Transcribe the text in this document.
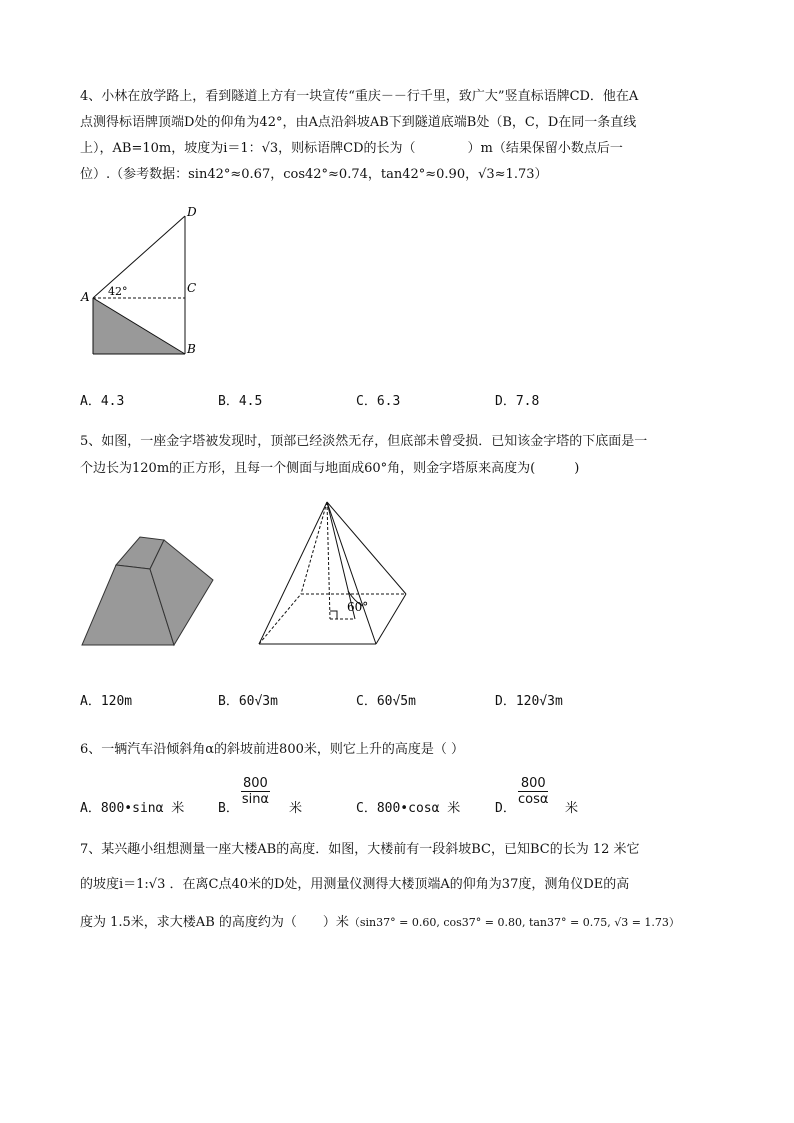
4、小林在放学路上，看到隧道上方有一块宣传“重庆－－行千里，致广大”竖直标语牌CD．他在A
点测得标语牌顶端D处的仰角为42°，由A点沿斜坡AB下到隧道底端B处（B，C，D在同一条直线
上），AB=10m，坡度为i＝1：√3，则标语牌CD的长为（　　　　）m（结果保留小数点后一
位）.（参考数据：sin42°≈0.67，cos42°≈0.74，tan42°≈0.90，√3≈1.73）
D
A
C
B
42°
A．4.3	B．4.5	C．6.3	D．7.8
5、如图，一座金字塔被发现时，顶部已经淡然无存，但底部未曾受损．已知该金字塔的下底面是一
个边长为120m的正方形，且每一个侧面与地面成60°角，则金字塔原来高度为(　　　)
60°
A．120m	B．60√3m	C．60√5m	D．120√3m
6、一辆汽车沿倾斜角α的斜坡前进800米，则它上升的高度是（ ）
A．800•sinα 米	B．
$\frac{800}{\sin\alpha}$
米	C．800•cosα 米	D．
$\frac{800}{\cos\alpha}$
米
7、某兴趣小组想测量一座大楼AB的高度．如图，大楼前有一段斜坡BC，已知BC的长为 12 米它
的坡度i＝1:√3 ．在离C点40米的D处，用测量仪测得大楼顶端A的仰角为37度，测角仪DE的高
度为 1.5米，求大楼AB 的高度约为（　　）米（sin37° = 0.60, cos37° = 0.80, tan37° = 0.75, √3 = 1.73）
